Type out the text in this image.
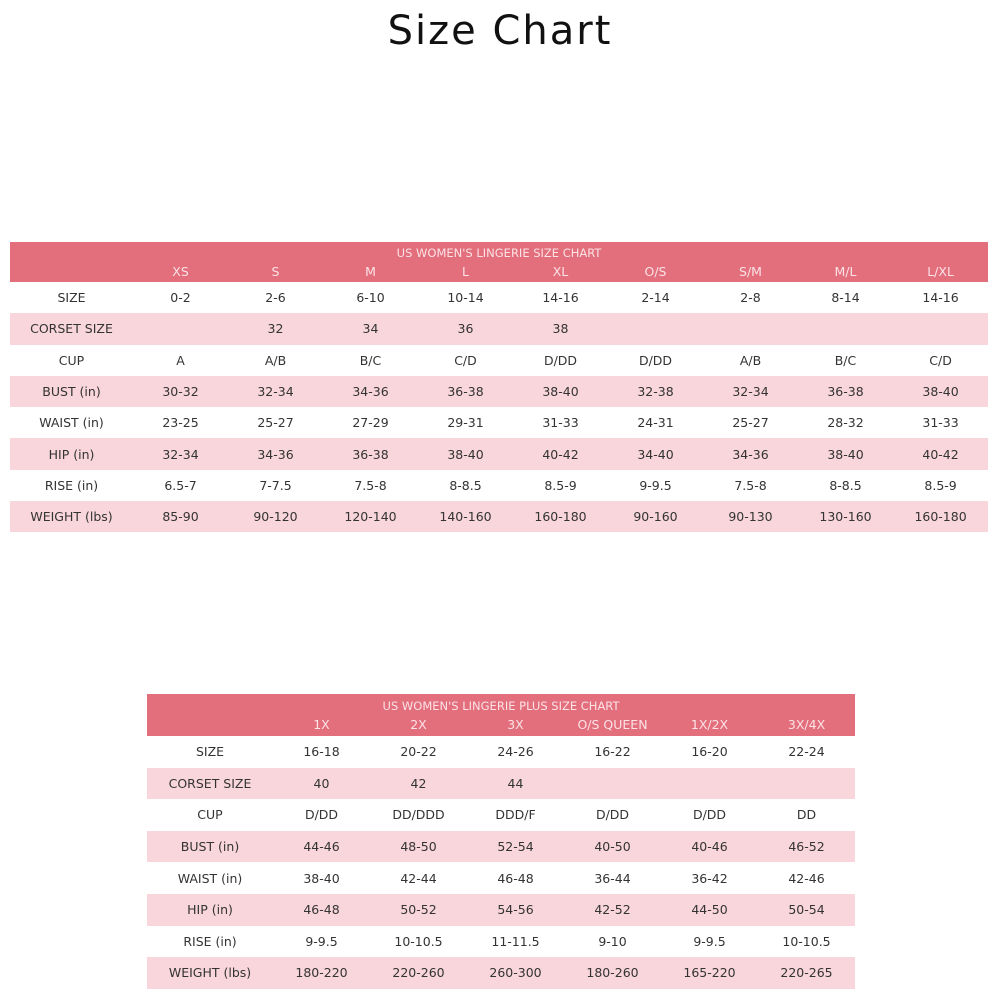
Size Chart
US WOMEN'S LINGERIE SIZE CHART									
	XS	S	M	L	XL	O/S	S/M	M/L	L/XL
SIZE	0-2	2-6	6-10	10-14	14-16	2-14	2-8	8-14	14-16
CORSET SIZE		32	34	36	38				
CUP	A	A/B	B/C	C/D	D/DD	D/DD	A/B	B/C	C/D
BUST (in)	30-32	32-34	34-36	36-38	38-40	32-38	32-34	36-38	38-40
WAIST (in)	23-25	25-27	27-29	29-31	31-33	24-31	25-27	28-32	31-33
HIP (in)	32-34	34-36	36-38	38-40	40-42	34-40	34-36	38-40	40-42
RISE (in)	6.5-7	7-7.5	7.5-8	8-8.5	8.5-9	9-9.5	7.5-8	8-8.5	8.5-9
WEIGHT (lbs)	85-90	90-120	120-140	140-160	160-180	90-160	90-130	130-160	160-180
US WOMEN'S LINGERIE PLUS SIZE CHART						
	1X	2X	3X	O/S QUEEN	1X/2X	3X/4X
SIZE	16-18	20-22	24-26	16-22	16-20	22-24
CORSET SIZE	40	42	44			
CUP	D/DD	DD/DDD	DDD/F	D/DD	D/DD	DD
BUST (in)	44-46	48-50	52-54	40-50	40-46	46-52
WAIST (in)	38-40	42-44	46-48	36-44	36-42	42-46
HIP (in)	46-48	50-52	54-56	42-52	44-50	50-54
RISE (in)	9-9.5	10-10.5	11-11.5	9-10	9-9.5	10-10.5
WEIGHT (lbs)	180-220	220-260	260-300	180-260	165-220	220-265
